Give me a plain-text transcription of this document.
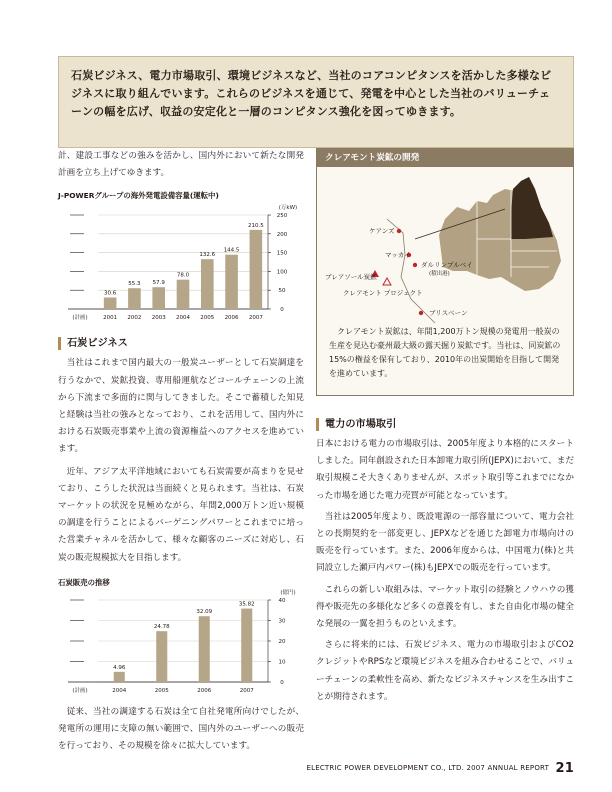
石炭ビジネス、電力市場取引、環境ビジネスなど、当社のコアコンピタンスを活かした多様なビジネスに取り組んでいます。これらのビジネスを通じて、発電を中心とした当社のバリューチェーンの幅を広げ、収益の安定化と一層のコンピタンス強化を図ってゆきます。

計、建設工事などの強みを活かし、国内外において新たな開発計画を立ち上げてゆきます。

J-POWERグループの海外発電設備容量(運転中)
(万kW)
0
50
100
150
200
250
(計画)	2001
30.6
2002
55.3
2003
57.9
2004
78.0
2005
132.6
2006
144.5
2007
210.5
石炭ビジネス

当社はこれまで国内最大の一般炭ユーザーとして石炭調達を行うなかで、炭鉱投資、専用船運航などコールチェーンの上流から下流まで多面的に関与してきました。そこで蓄積した知見と経験は当社の強みとなっており、これを活用して、国内外における石炭販売事業や上流の資源権益へのアクセスを進めています。

近年、アジア太平洋地域においても石炭需要が高まりを見せており、こうした状況は当面続くと見られます。当社は、石炭マーケットの状況を見極めながら、年間2,000万トン近い規模の調達を行うことによるバーゲニングパワーとこれまでに培った営業チャネルを活かして、様々な顧客のニーズに対応し、石炭の販売規模拡大を目指します。

石炭販売の推移
(億円)
0
10
20
30
40
(計画)	2004
4.96
2005
24.78
2006
32.09
2007
35.82

従来、当社の調達する石炭は全て自社発電所向けでしたが、発電所の運用に支障の無い範囲で、国内外のユーザーへの販売を行っており、その規模を徐々に拡大しています。

クレアモント炭鉱の開発
ケアンズ
マッカイ
ダルリンプルベイ
(積出港)
ブレアソール炭鉱
クレアモント プロジェクト
ブリスベーン

クレアモント炭鉱は、年間1,200万トン規模の発電用一般炭の生産を見込む豪州最大級の露天掘り炭鉱です。当社は、同炭鉱の15%の権益を保有しており、2010年の出炭開始を目指して開発を進めています。

電力の市場取引

日本における電力の市場取引は、2005年度より本格的にスタートしました。同年創設された日本卸電力取引所(JEPX)において、まだ取引規模こそ大きくありませんが、スポット取引等これまでになかった市場を通じた電力売買が可能となっています。

当社は2005年度より、既設電源の一部容量について、電力会社との長期契約を一部変更し、JEPXなどを通じた卸電力市場向けの販売を行っています。また、2006年度からは、中国電力(株)と共同設立した瀬戸内パワー(株)もJEPXでの販売を行っています。

これらの新しい取組みは、マーケット取引の経験とノウハウの獲得や販売先の多様化など多くの意義を有し、また自由化市場の健全な発展の一翼を担うものといえます。

さらに将来的には、石炭ビジネス、電力の市場取引およびCO2クレジットやRPSなど環境ビジネスを組み合わせることで、バリューチェーンの柔軟性を高め、新たなビジネスチャンスを生み出すことが期待されます。

ELECTRIC POWER DEVELOPMENT CO., LTD. 2007 ANNUAL REPORT 21
